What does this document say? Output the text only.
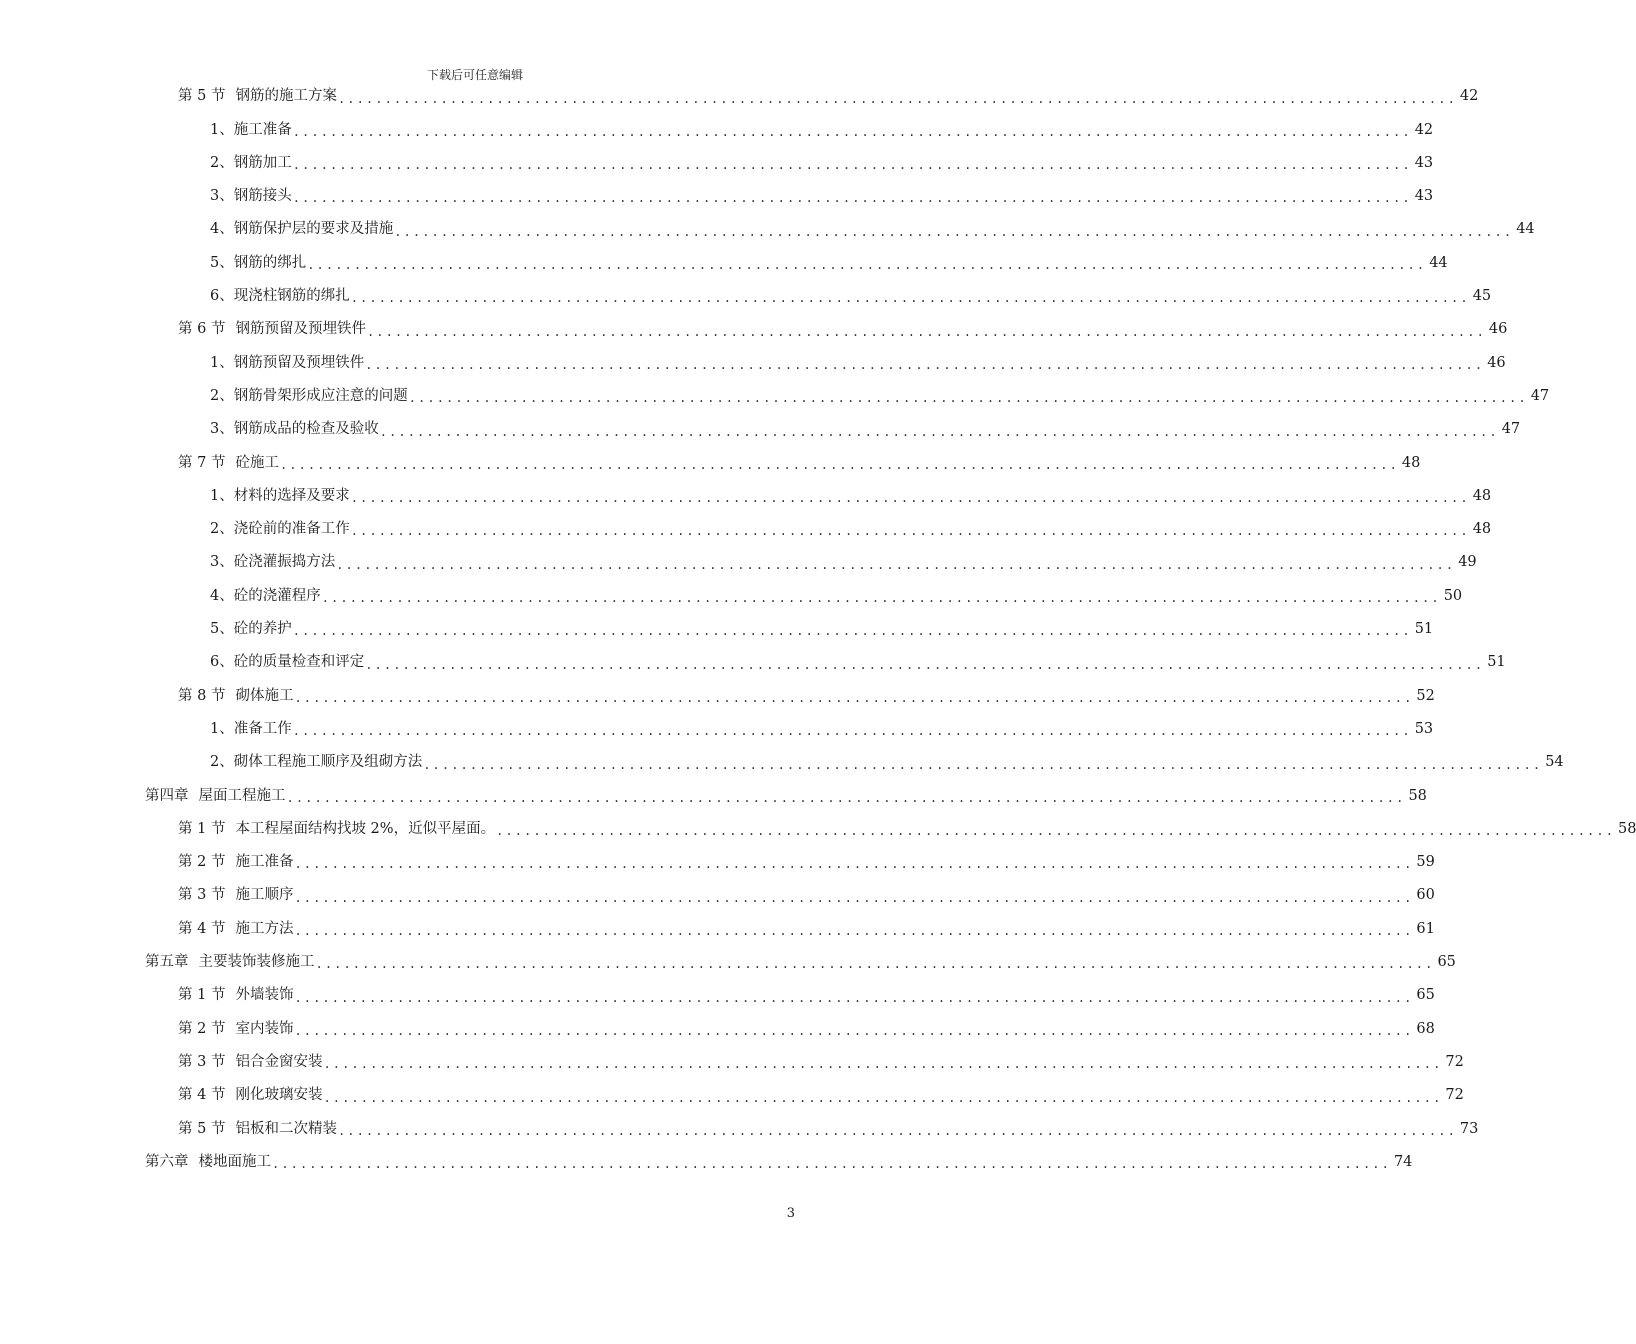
下载后可任意编辑
第 5 节 钢筋的施工方案 ........................................................................................................................ 42
1、 施工准备 ........................................................................................................................ 42
2、 钢筋加工 ........................................................................................................................ 43
3、 钢筋接头 ........................................................................................................................ 43
4、 钢筋保护层的要求及措施 ........................................................................................................................ 44
5、 钢筋的绑扎 ........................................................................................................................ 44
6、 现浇柱钢筋的绑扎 ........................................................................................................................ 45
第 6 节 钢筋预留及预埋铁件 ........................................................................................................................ 46
1、 钢筋预留及预埋铁件 ........................................................................................................................ 46
2、 钢筋骨架形成应注意的问题 ........................................................................................................................ 47
3、 钢筋成品的检查及验收 ........................................................................................................................ 47
第 7 节 砼施工 ........................................................................................................................ 48
1、 材料的选择及要求 ........................................................................................................................ 48
2、 浇砼前的准备工作 ........................................................................................................................ 48
3、 砼浇灌振捣方法 ........................................................................................................................ 49
4、 砼的浇灌程序 ........................................................................................................................ 50
5、 砼的养护 ........................................................................................................................ 51
6、 砼的质量检查和评定 ........................................................................................................................ 51
第 8 节 砌体施工 ........................................................................................................................ 52
1、 准备工作 ........................................................................................................................ 53
2、 砌体工程施工顺序及组砌方法 ........................................................................................................................ 54
第四章 屋面工程施工 ........................................................................................................................ 58
第 1 节 本工程屋面结构找坡 2%，近似平屋面。 ........................................................................................................................ 58
第 2 节 施工准备 ........................................................................................................................ 59
第 3 节 施工顺序 ........................................................................................................................ 60
第 4 节 施工方法 ........................................................................................................................ 61
第五章 主要装饰装修施工 ........................................................................................................................ 65
第 1 节 外墙装饰 ........................................................................................................................ 65
第 2 节 室内装饰 ........................................................................................................................ 68
第 3 节 铝合金窗安装 ........................................................................................................................ 72
第 4 节 刚化玻璃安装 ........................................................................................................................ 72
第 5 节 铝板和二次精装 ........................................................................................................................ 73
第六章 楼地面施工 ........................................................................................................................ 74
3
